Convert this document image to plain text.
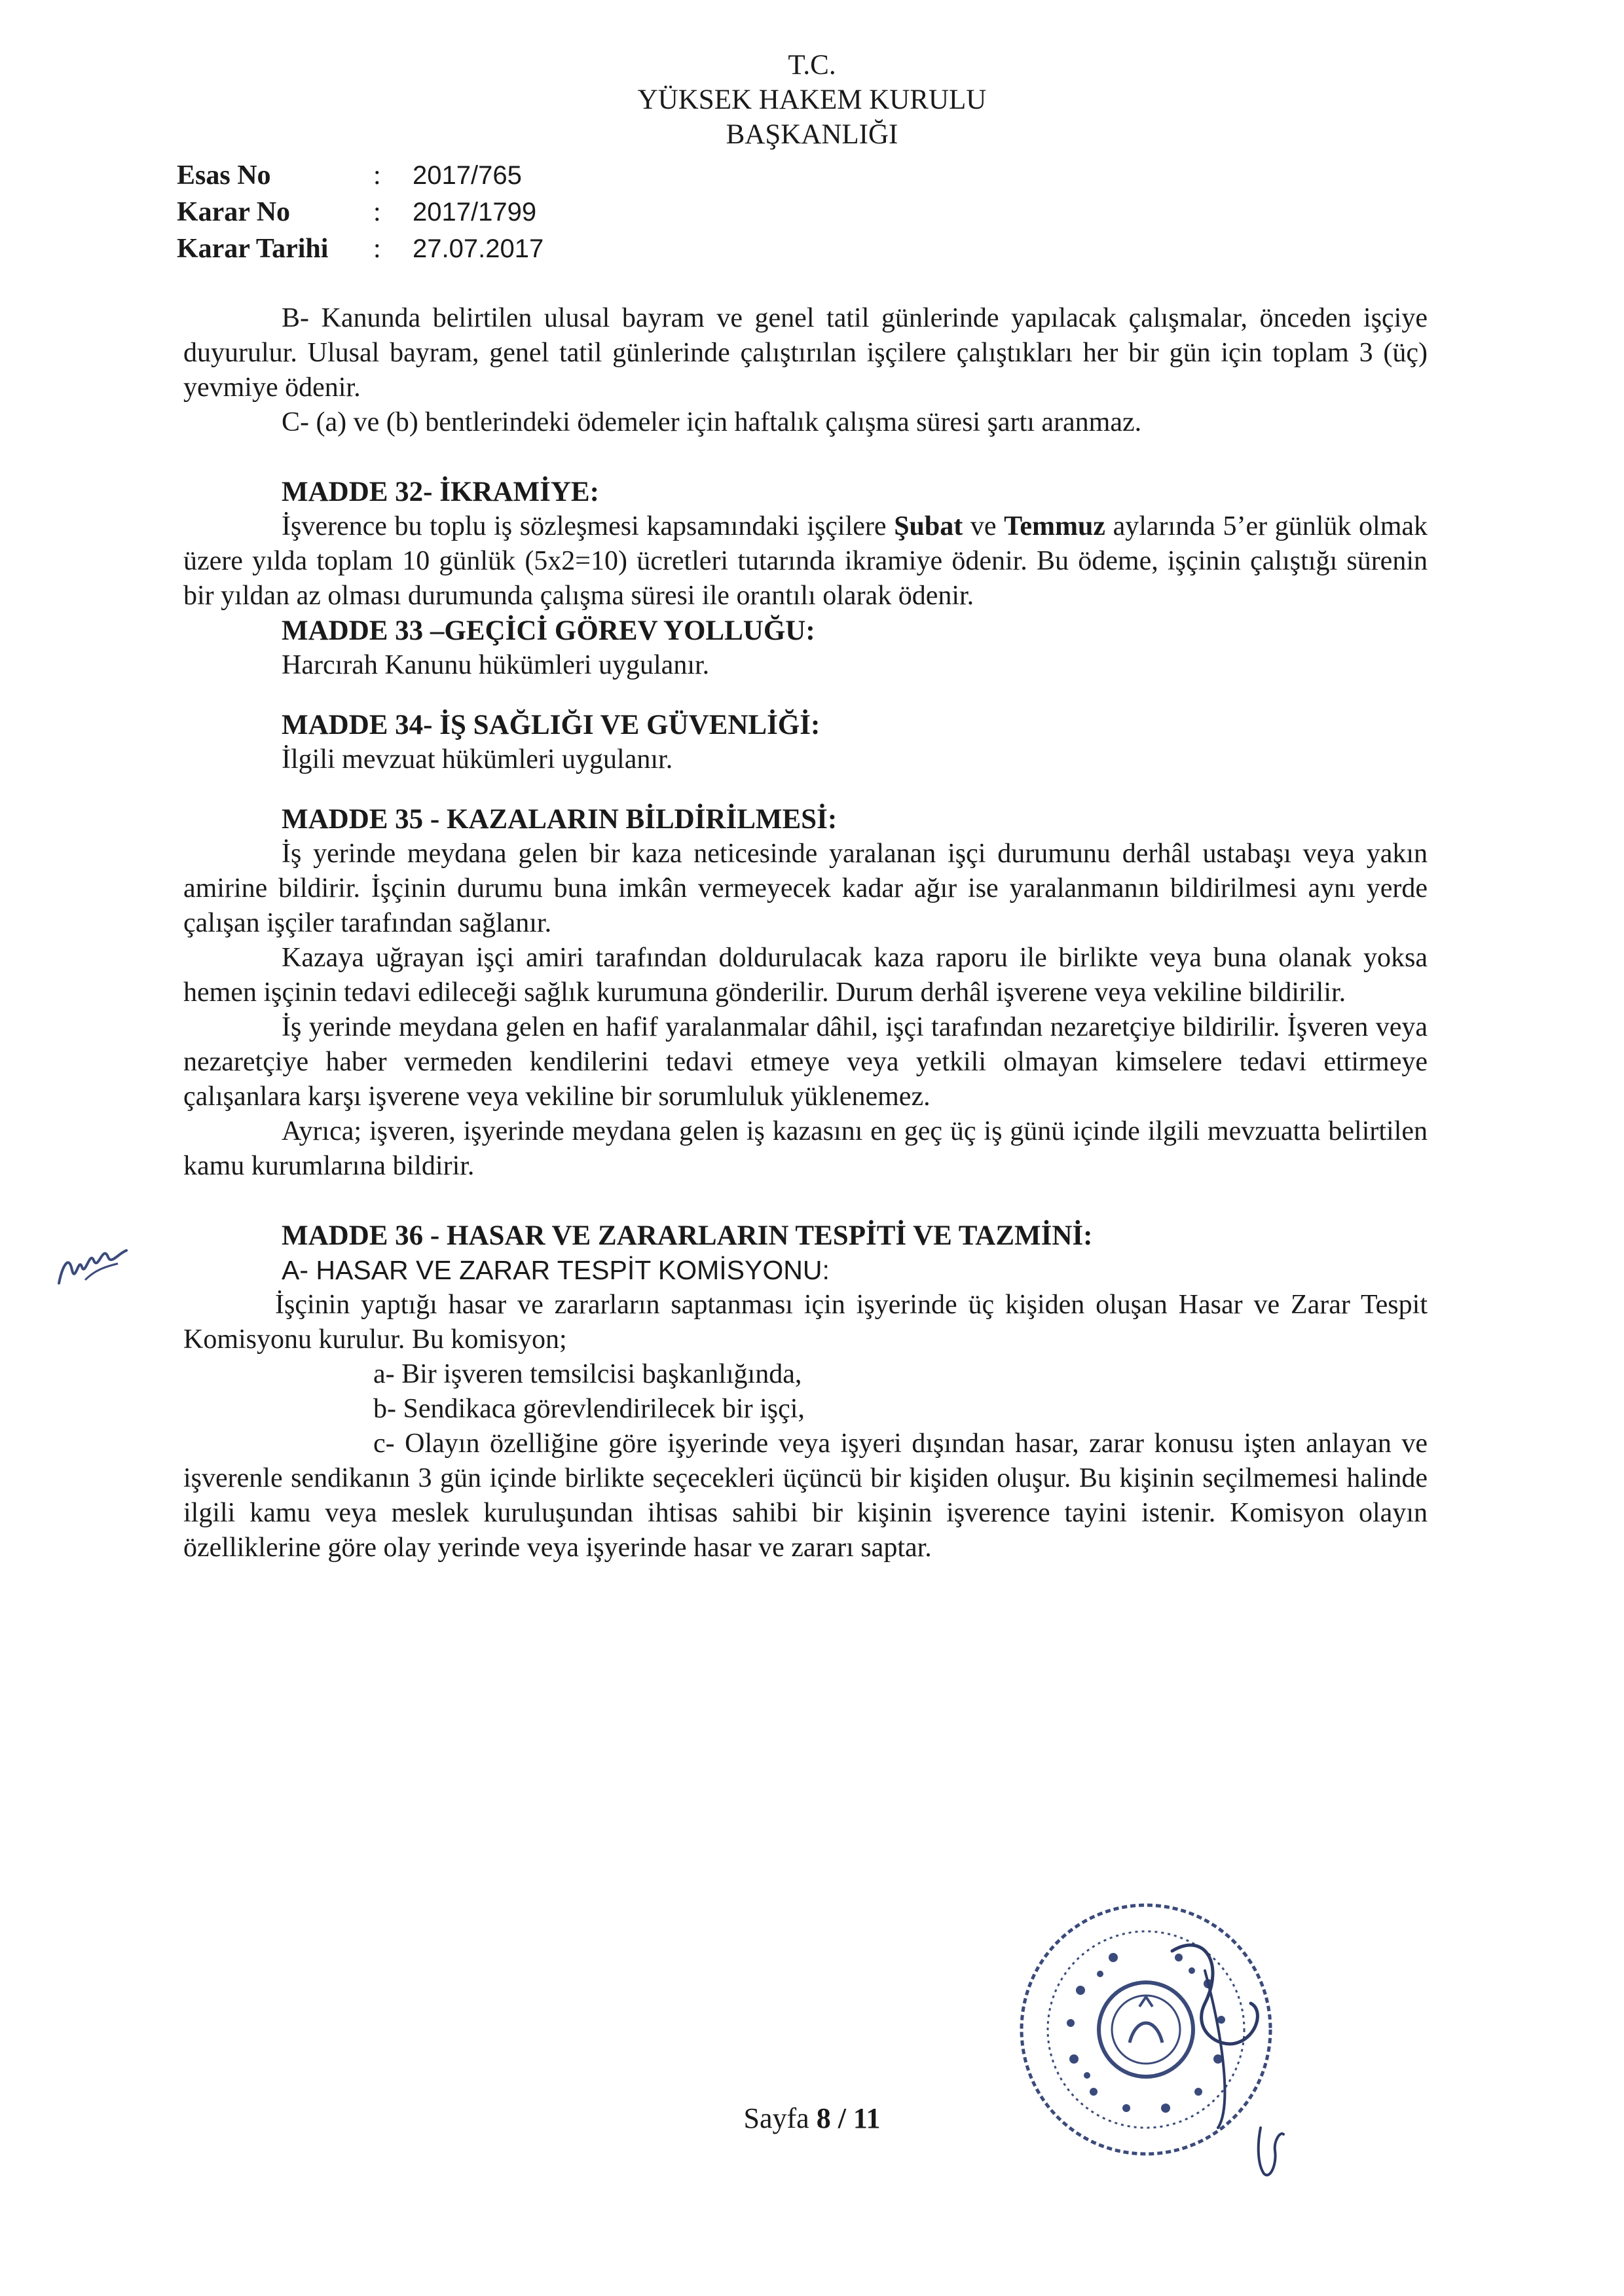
T.C.
YÜKSEK HAKEM KURULU
BAŞKANLIĞI
Esas No	: 2017/765
Karar No	: 2017/1799
Karar Tarihi : 27.07.2017

B- Kanunda belirtilen ulusal bayram ve genel tatil günlerinde yapılacak çalışmalar, önceden işçiye duyurulur. Ulusal bayram, genel tatil günlerinde çalıştırılan işçilere çalıştıkları her bir gün için toplam 3 (üç) yevmiye ödenir.

C- (a) ve (b) bentlerindeki ödemeler için haftalık çalışma süresi şartı aranmaz.

MADDE 32- İKRAMİYE:

İşverence bu toplu iş sözleşmesi kapsamındaki işçilere Şubat ve Temmuz aylarında 5’er günlük olmak üzere yılda toplam 10 günlük (5x2=10) ücretleri tutarında ikramiye ödenir. Bu ödeme, işçinin çalıştığı sürenin bir yıldan az olması durumunda çalışma süresi ile orantılı olarak ödenir.

MADDE 33 –GEÇİCİ GÖREV YOLLUĞU:
Harcırah Kanunu hükümleri uygulanır.
MADDE 34- İŞ SAĞLIĞI VE GÜVENLİĞİ:
İlgili mevzuat hükümleri uygulanır.
MADDE 35 - KAZALARIN BİLDİRİLMESİ:

İş yerinde meydana gelen bir kaza neticesinde yaralanan işçi durumunu derhâl ustabaşı veya yakın amirine bildirir. İşçinin durumu buna imkân vermeyecek kadar ağır ise yaralanmanın bildirilmesi aynı yerde çalışan işçiler tarafından sağlanır.

Kazaya uğrayan işçi amiri tarafından doldurulacak kaza raporu ile birlikte veya buna olanak yoksa hemen işçinin tedavi edileceği sağlık kurumuna gönderilir. Durum derhâl işverene veya vekiline bildirilir.

İş yerinde meydana gelen en hafif yaralanmalar dâhil, işçi tarafından nezaretçiye bildirilir. İşveren veya nezaretçiye haber vermeden kendilerini tedavi etmeye veya yetkili olmayan kimselere tedavi ettirmeye çalışanlara karşı işverene veya vekiline bir sorumluluk yüklenemez.

Ayrıca; işveren, işyerinde meydana gelen iş kazasını en geç üç iş günü içinde ilgili mevzuatta belirtilen kamu kurumlarına bildirir.

MADDE 36 - HASAR VE ZARARLARIN TESPİTİ VE TAZMİNİ:
A- HASAR VE ZARAR TESPİT KOMİSYONU:

İşçinin yaptığı hasar ve zararların saptanması için işyerinde üç kişiden oluşan Hasar ve Zarar Tespit Komisyonu kurulur. Bu komisyon;

a- Bir işveren temsilcisi başkanlığında,
b- Sendikaca görevlendirilecek bir işçi,

c- Olayın özelliğine göre işyerinde veya işyeri dışından hasar, zarar konusu işten anlayan ve işverenle sendikanın 3 gün içinde birlikte seçecekleri üçüncü bir kişiden oluşur. Bu kişinin seçilmemesi halinde ilgili kamu veya meslek kuruluşundan ihtisas sahibi bir kişinin işverence tayini istenir. Komisyon olayın özelliklerine göre olay yerinde veya işyerinde hasar ve zararı saptar.

Sayfa 8 / 11
